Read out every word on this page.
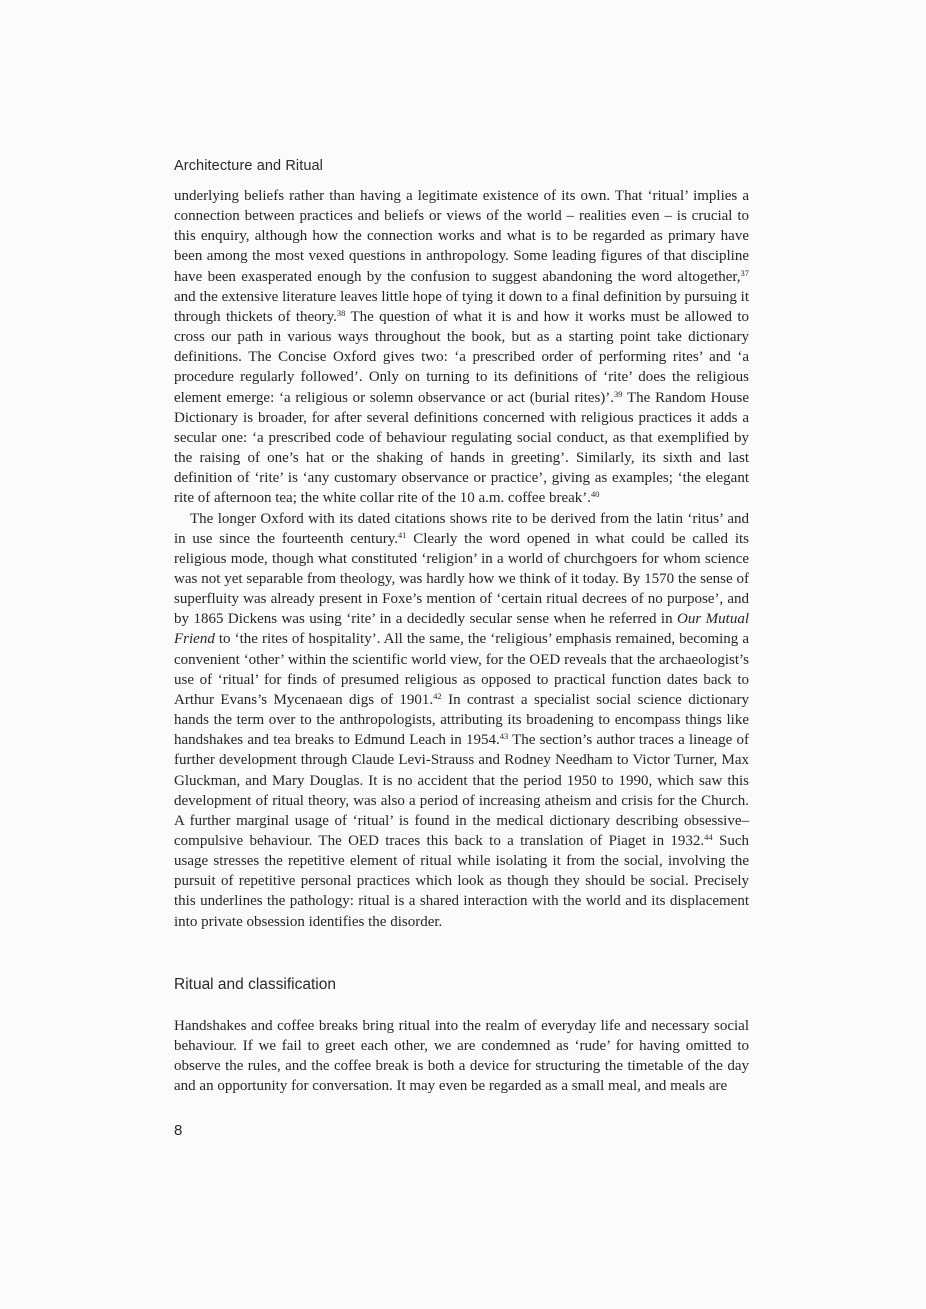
Architecture and Ritual

underlying beliefs rather than having a legitimate existence of its own. That ‘ritual’ implies a connection between practices and beliefs or views of the world – realities even – is crucial to this enquiry, although how the connection works and what is to be regarded as primary have been among the most vexed questions in anthropology. Some leading figures of that discipline have been exasperated enough by the confusion to suggest abandoning the word altogether,$^{37}$ and the extensive literature leaves little hope of tying it down to a final definition by pursuing it through thickets of theory.$^{38}$ The question of what it is and how it works must be allowed to cross our path in various ways throughout the book, but as a starting point take dictionary definitions. The Concise Oxford gives two: ‘a prescribed order of performing rites’ and ‘a procedure regularly followed’. Only on turning to its definitions of ‘rite’ does the religious element emerge: ‘a religious or solemn observance or act (burial rites)’.$^{39}$ The Random House Dictionary is broader, for after several definitions concerned with religious practices it adds a secular one: ‘a prescribed code of behaviour regulating social conduct, as that exemplified by the raising of one’s hat or the shaking of hands in greeting’. Similarly, its sixth and last definition of ‘rite’ is ‘any customary observance or practice’, giving as examples; ‘the elegant rite of afternoon tea; the white collar rite of the 10 a.m. coffee break’.$^{40}$

The longer Oxford with its dated citations shows rite to be derived from the latin ‘ritus’ and in use since the fourteenth century.$^{41}$ Clearly the word opened in what could be called its religious mode, though what constituted ‘religion’ in a world of churchgoers for whom science was not yet separable from theology, was hardly how we think of it today. By 1570 the sense of superfluity was already present in Foxe’s mention of ‘certain ritual decrees of no purpose’, and by 1865 Dickens was using ‘rite’ in a decidedly secular sense when he referred in Our Mutual Friend to ‘the rites of hospitality’. All the same, the ‘religious’ emphasis remained, becoming a convenient ‘other’ within the scientific world view, for the OED reveals that the archaeologist’s use of ‘ritual’ for finds of presumed religious as opposed to practical function dates back to Arthur Evans’s Mycenaean digs of 1901.42 In contrast a specialist social science dictionary hands the term over to the anthropologists, attributing its broadening to encompass things like handshakes and tea breaks to Edmund Leach in 1954.43 The section’s author traces a lineage of further development through Claude Levi-Strauss and Rodney Needham to Victor Turner, Max Gluckman, and Mary Douglas. It is no accident that the period 1950 to 1990, which saw this development of ritual theory, was also a period of increasing atheism and crisis for the Church. A further marginal usage of ‘ritual’ is found in the medical dictionary describing obsessive–compulsive behaviour. The OED traces this back to a translation of Piaget in 1932.44 Such usage stresses the repetitive element of ritual while isolating it from the social, involving the pursuit of repetitive personal practices which look as though they should be social. Precisely this underlines the pathology: ritual is a shared interaction with the world and its displacement into private obsession identifies the disorder.

Ritual and classification

Handshakes and coffee breaks bring ritual into the realm of everyday life and necessary social behaviour. If we fail to greet each other, we are condemned as ‘rude’ for having omitted to observe the rules, and the coffee break is both a device for structuring the timetable of the day and an opportunity for conversation. It may even be regarded as a small meal, and meals are

8
